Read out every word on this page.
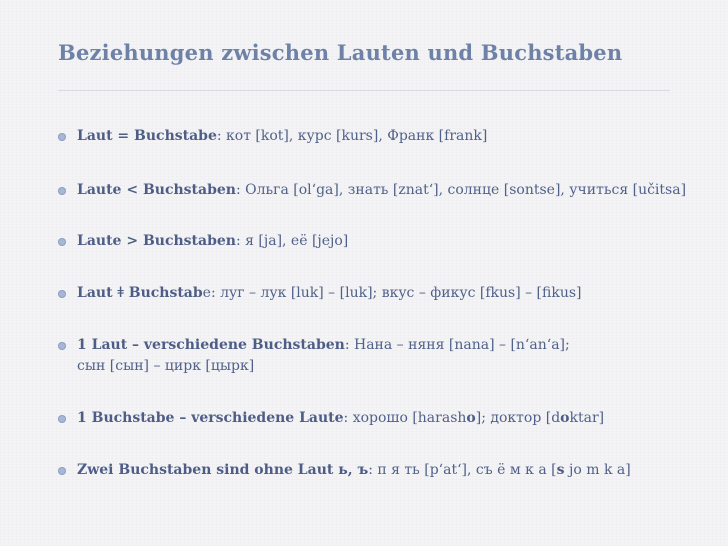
Beziehungen zwischen Lauten und Buchstaben
Laut = Buchstabe: кот [kot], курс [kurs], Франк [frank]
Laute < Buchstaben: Ольга [ol‘ga], знать [znat‘], солнце [sontse], учиться [učitsa]
Laute > Buchstaben: я [ja], её [jejo]
Laut ǂ Buchstabe: луг – лук [luk] – [luk]; вкус – фикус [fkus] – [fikus]
1 Laut – verschiedene Buchstaben: Нана – няня [nana] – [n‘an‘a];
сын [сын] – цирк [цырк]
1 Buchstabe – verschiedene Laute: хорошо [harasho]; доктор [doktar]
Zwei Buchstaben sind ohne Laut ь, ъ: п я ть [p‘at‘], съ ё м к а [s jo m k a]
